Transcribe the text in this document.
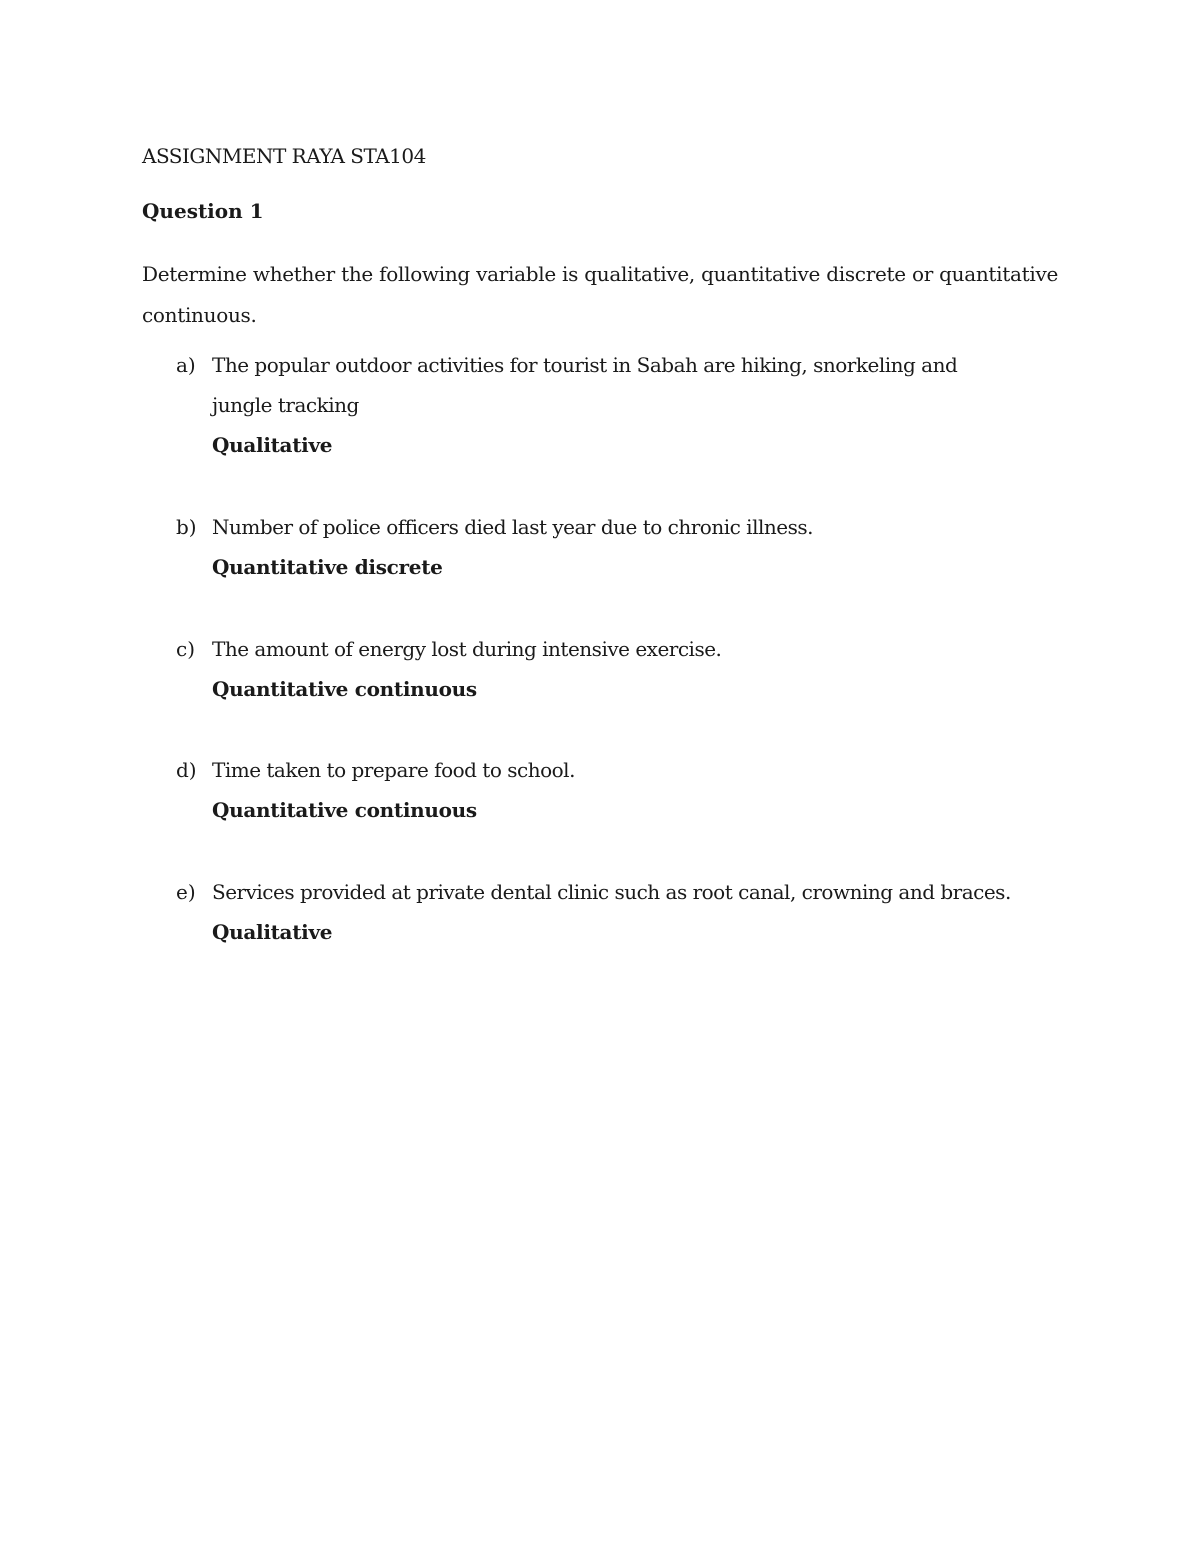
ASSIGNMENT RAYA STA104
Question 1
Determine whether the following variable is qualitative, quantitative discrete or quantitative continuous.
a) The popular outdoor activities for tourist in Sabah are hiking, snorkeling and jungle tracking
Qualitative
b) Number of police officers died last year due to chronic illness.
Quantitative discrete
c) The amount of energy lost during intensive exercise.
Quantitative continuous
d) Time taken to prepare food to school.
Quantitative continuous
e) Services provided at private dental clinic such as root canal, crowning and braces.
Qualitative
